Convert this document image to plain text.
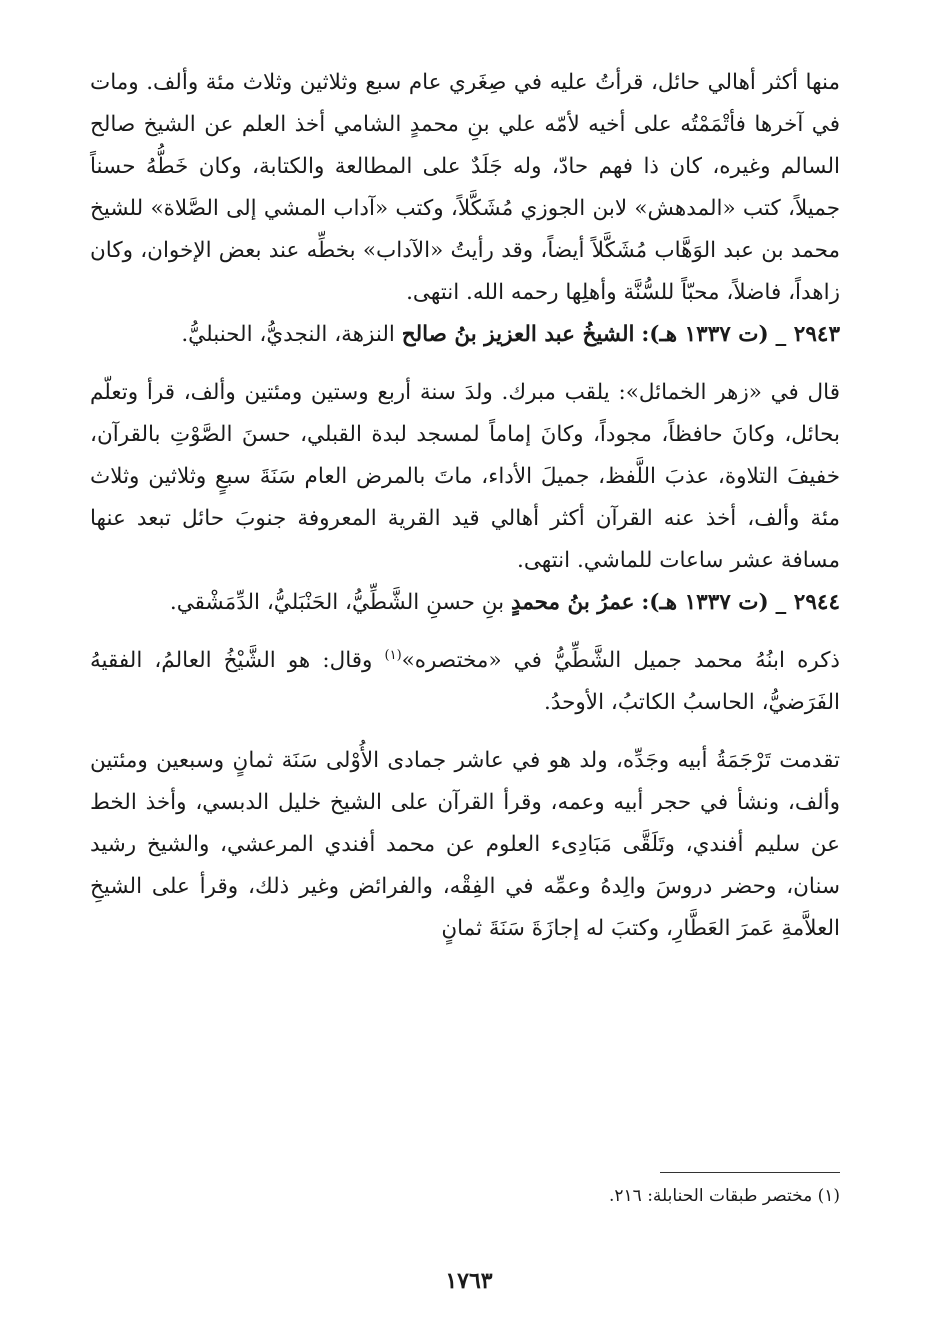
منها أكثر أهالي حائل، قرأتُ عليه في صِغَري عام سبع وثلاثين وثلاث مئة وألف. ومات في آخرها فأتْمَمْتُه على أخيه لأمّه علي بنِ محمدٍ الشامي أخذ العلم عن الشيخ صالح السالم وغيره، كان ذا فهم حادّ، وله جَلَدٌ على المطالعة والكتابة، وكان خَطُّهُ حسناً جميلاً، كتب «المدهش» لابن الجوزي مُشَكَّلاً، وكتب «آداب المشي إلى الصَّلاة» للشيخ محمد بن عبد الوَهَّاب مُشَكَّلاً أيضاً، وقد رأيتُ «الآداب» بخطِّه عند بعض الإخوان، وكان زاهداً، فاضلاً، محبّاً للسُّنَّة وأهلِها رحمه الله. انتهى.

٢٩٤٣ _ (ت ١٣٣٧ هـ): الشيخُ عبد العزيز بنُ صالح النزهة، النجديُّ، الحنبليُّ.

قال في «زهر الخمائل»: يلقب مبرك. ولدَ سنة أربع وستين ومئتين وألف، قرأ وتعلّم بحائل، وكانَ حافظاً، مجوداً، وكانَ إماماً لمسجد لبدة القبلي، حسنَ الصَّوْتِ بالقرآن، خفيفَ التلاوة، عذبَ اللَّفظ، جميلَ الأداء، ماتَ بالمرض العام سَنَةَ سبعٍ وثلاثين وثلاث مئة وألف، أخذ عنه القرآن أكثر أهالي قيد القرية المعروفة جنوبَ حائل تبعد عنها مسافة عشر ساعات للماشي. انتهى.

٢٩٤٤ _ (ت ١٣٣٧ هـ): عمرُ بنُ محمدٍ بنِ حسنِ الشَّطِّيُّ، الحَنْبَليُّ، الدِّمَشْقي.

ذكره ابنُهُ محمد جميل الشَّطِّيُّ في «مختصره»$^{(١)}$ وقال: هو الشَّيْخُ العالمُ، الفقيهُ الفَرَضيُّ، الحاسبُ الكاتبُ، الأوحدُ.

تقدمت تَرْجَمَةُ أبيه وجَدِّه، ولد هو في عاشر جمادى الأُوْلى سَنَة ثمانٍ وسبعين ومئتين وألف، ونشأ في حجر أبيه وعمه، وقرأ القرآن على الشيخ خليل الدبسي، وأخذ الخط عن سليم أفندي، وتَلَقَّى مَبَادِىء العلوم عن محمد أفندي المرعشي، والشيخ رشيد سنان، وحضر دروسَ والِدهُ وعمِّه في الفِقْه، والفرائض وغير ذلك، وقرأ على الشيخِ العلاَّمةِ عَمرَ العَطَّارِ، وكتبَ له إجازَةَ سَنَةَ ثمانٍ

(١) مختصر طبقات الحنابلة: ٢١٦.
١٧٦٣
